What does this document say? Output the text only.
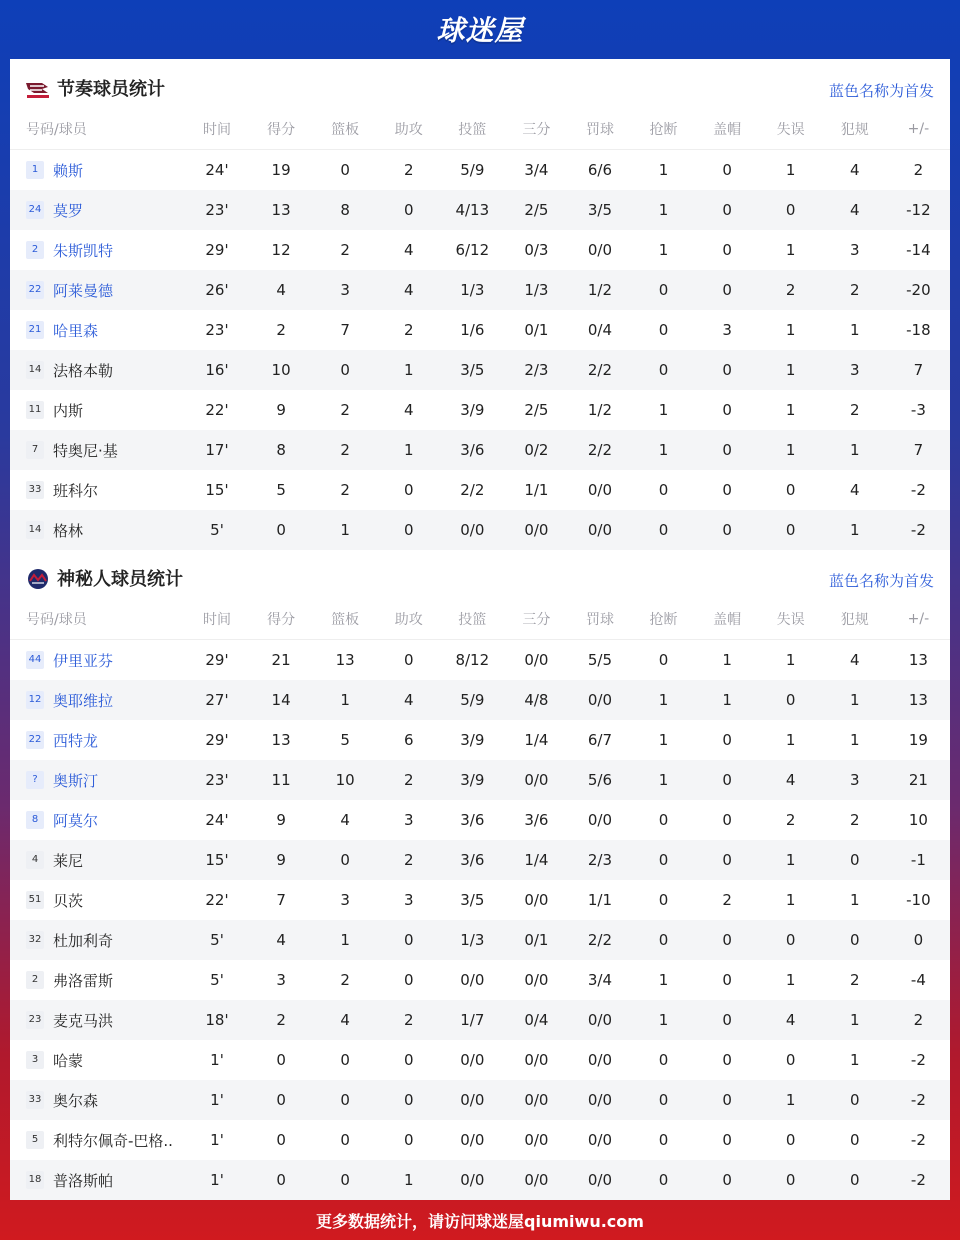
球迷屋
节奏球员统计	蓝色名称为首发
号码/球员	时间	得分	篮板	助攻	投篮	三分	罚球	抢断	盖帽	失误	犯规	+/-
1 赖斯	24'	19	0	2	5/9	3/4	6/6	1	0	1	4	2
24 莫罗	23'	13	8	0	4/13	2/5	3/5	1	0	0	4	-12
2 朱斯凯特	29'	12	2	4	6/12	0/3	0/0	1	0	1	3	-14
22 阿莱曼德	26'	4	3	4	1/3	1/3	1/2	0	0	2	2	-20
21 哈里森	23'	2	7	2	1/6	0/1	0/4	0	3	1	1	-18
14 法格本勒	16'	10	0	1	3/5	2/3	2/2	0	0	1	3	7
11 内斯	22'	9	2	4	3/9	2/5	1/2	1	0	1	2	-3
7 特奥尼·基	17'	8	2	1	3/6	0/2	2/2	1	0	1	1	7
33 班科尔	15'	5	2	0	2/2	1/1	0/0	0	0	0	4	-2
14 格林	5'	0	1	0	0/0	0/0	0/0	0	0	0	1	-2
神秘人球员统计	蓝色名称为首发
号码/球员	时间	得分	篮板	助攻	投篮	三分	罚球	抢断	盖帽	失误	犯规	+/-
44 伊里亚芬	29'	21	13	0	8/12	0/0	5/5	0	1	1	4	13
12 奥耶维拉	27'	14	1	4	5/9	4/8	0/0	1	1	0	1	13
22 西特龙	29'	13	5	6	3/9	1/4	6/7	1	0	1	1	19
? 奥斯汀	23'	11	10	2	3/9	0/0	5/6	1	0	4	3	21
8 阿莫尔	24'	9	4	3	3/6	3/6	0/0	0	0	2	2	10
4 莱尼	15'	9	0	2	3/6	1/4	2/3	0	0	1	0	-1
51 贝茨	22'	7	3	3	3/5	0/0	1/1	0	2	1	1	-10
32 杜加利奇	5'	4	1	0	1/3	0/1	2/2	0	0	0	0	0
2 弗洛雷斯	5'	3	2	0	0/0	0/0	3/4	1	0	1	2	-4
23 麦克马洪	18'	2	4	2	1/7	0/4	0/0	1	0	4	1	2
3 哈蒙	1'	0	0	0	0/0	0/0	0/0	0	0	0	1	-2
33 奥尔森	1'	0	0	0	0/0	0/0	0/0	0	0	1	0	-2
5 利特尔佩奇-巴格..	1'	0	0	0	0/0	0/0	0/0	0	0	0	0	-2
18 普洛斯帕	1'	0	0	1	0/0	0/0	0/0	0	0	0	0	-2
更多数据统计，请访问球迷屋qiumiwu.com
